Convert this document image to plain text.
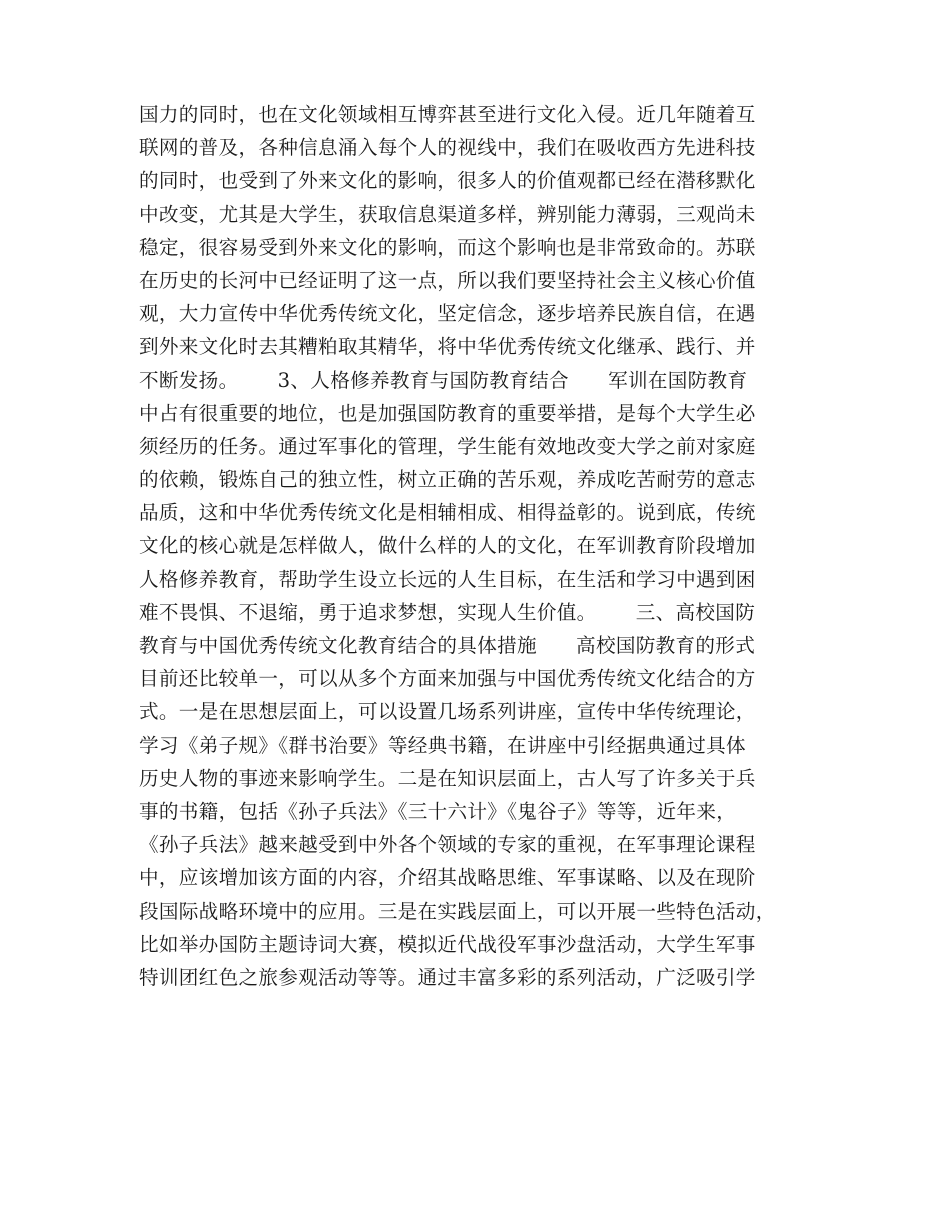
国力的同时，也在文化领域相互博弈甚至进行文化入侵。近几年随着互
联网的普及，各种信息涌入每个人的视线中，我们在吸收西方先进科技
的同时，也受到了外来文化的影响，很多人的价值观都已经在潜移默化
中改变，尤其是大学生，获取信息渠道多样，辨别能力薄弱，三观尚未
稳定，很容易受到外来文化的影响，而这个影响也是非常致命的。苏联
在历史的长河中已经证明了这一点，所以我们要坚持社会主义核心价值
观，大力宣传中华优秀传统文化，坚定信念，逐步培养民族自信，在遇
到外来文化时去其糟粕取其精华，将中华优秀传统文化继承、践行、并
不断发扬。      3、人格修养教育与国防教育结合      军训在国防教育
中占有很重要的地位，也是加强国防教育的重要举措，是每个大学生必
须经历的任务。通过军事化的管理，学生能有效地改变大学之前对家庭
的依赖，锻炼自己的独立性，树立正确的苦乐观，养成吃苦耐劳的意志
品质，这和中华优秀传统文化是相辅相成、相得益彰的。说到底，传统
文化的核心就是怎样做人，做什么样的人的文化，在军训教育阶段增加
人格修养教育，帮助学生设立长远的人生目标，在生活和学习中遇到困
难不畏惧、不退缩，勇于追求梦想，实现人生价值。      三、高校国防
教育与中国优秀传统文化教育结合的具体措施      高校国防教育的形式
目前还比较单一，可以从多个方面来加强与中国优秀传统文化结合的方
式。一是在思想层面上，可以设置几场系列讲座，宣传中华传统理论，
学习《弟子规》《群书治要》等经典书籍，在讲座中引经据典通过具体
历史人物的事迹来影响学生。二是在知识层面上，古人写了许多关于兵
事的书籍，包括《孙子兵法》《三十六计》《鬼谷子》等等，近年来，
《孙子兵法》越来越受到中外各个领域的专家的重视，在军事理论课程
中，应该增加该方面的内容，介绍其战略思维、军事谋略、以及在现阶
段国际战略环境中的应用。三是在实践层面上，可以开展一些特色活动，
比如举办国防主题诗词大赛，模拟近代战役军事沙盘活动，大学生军事
特训团红色之旅参观活动等等。通过丰富多彩的系列活动，广泛吸引学
